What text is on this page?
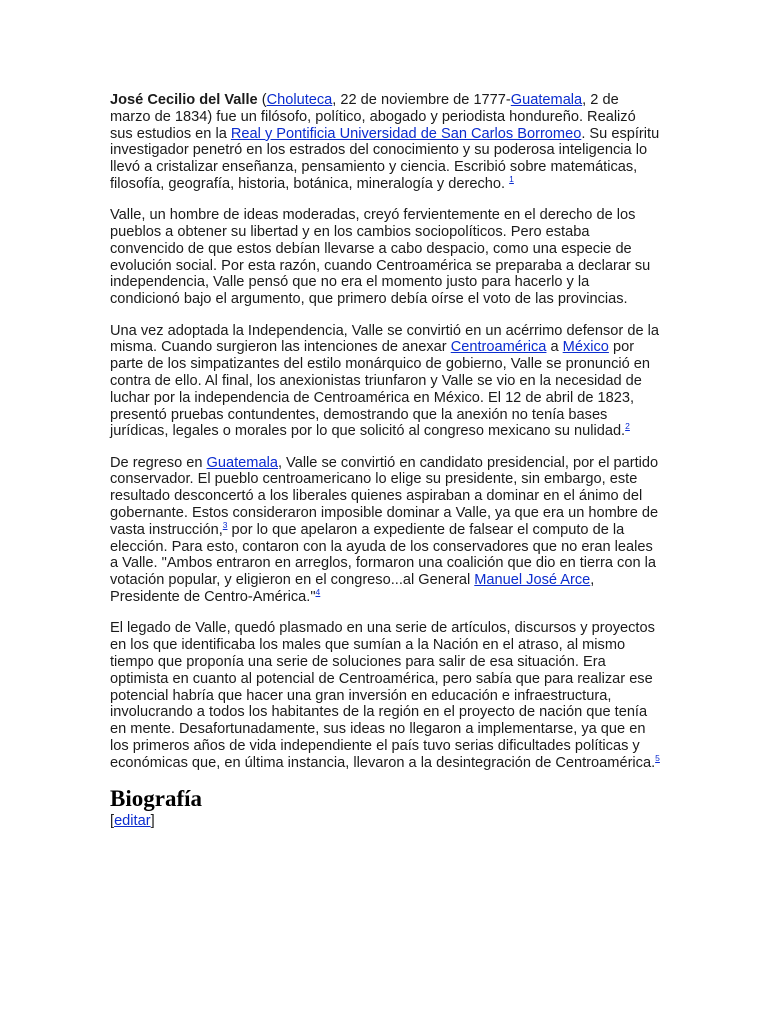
José Cecilio del Valle (Choluteca, 22 de noviembre de 1777-Guatemala, 2 de marzo de 1834) fue un filósofo, político, abogado y periodista hondureño. Realizó sus estudios en la Real y Pontificia Universidad de San Carlos Borromeo. Su espíritu investigador penetró en los estrados del conocimiento y su poderosa inteligencia lo llevó a cristalizar enseñanza, pensamiento y ciencia. Escribió sobre matemáticas, filosofía, geografía, historia, botánica, mineralogía y derecho. $^1$

Valle, un hombre de ideas moderadas, creyó fervientemente en el derecho de los pueblos a obtener su libertad y en los cambios sociopolíticos. Pero estaba convencido de que estos debían llevarse a cabo despacio, como una especie de evolución social. Por esta razón, cuando Centroamérica se preparaba a declarar su independencia, Valle pensó que no era el momento justo para hacerlo y la condicionó bajo el argumento, que primero debía oírse el voto de las provincias.

Una vez adoptada la Independencia, Valle se convirtió en un acérrimo defensor de la misma. Cuando surgieron las intenciones de anexar Centroamérica a México por parte de los simpatizantes del estilo monárquico de gobierno, Valle se pronunció en contra de ello. Al final, los anexionistas triunfaron y Valle se vio en la necesidad de luchar por la independencia de Centroamérica en México. El 12 de abril de 1823, presentó pruebas contundentes, demostrando que la anexión no tenía bases jurídicas, legales o morales por lo que solicitó al congreso mexicano su nulidad.$^2$

De regreso en Guatemala, Valle se convirtió en candidato presidencial, por el partido conservador. El pueblo centroamericano lo elige su presidente, sin embargo, este resultado desconcertó a los liberales quienes aspiraban a dominar en el ánimo del gobernante. Estos consideraron imposible dominar a Valle, ya que era un hombre de vasta instrucción,$^3$ por lo que apelaron a expediente de falsear el computo de la elección. Para esto, contaron con la ayuda de los conservadores que no eran leales a Valle. "Ambos entraron en arreglos, formaron una coalición que dio en tierra con la votación popular, y eligieron en el congreso...al General Manuel José Arce, Presidente de Centro-América."$^4$

El legado de Valle, quedó plasmado en una serie de artículos, discursos y proyectos en los que identificaba los males que sumían a la Nación en el atraso, al mismo tiempo que proponía una serie de soluciones para salir de esa situación. Era optimista en cuanto al potencial de Centroamérica, pero sabía que para realizar ese potencial habría que hacer una gran inversión en educación e infraestructura, involucrando a todos los habitantes de la región en el proyecto de nación que tenía en mente. Desafortunadamente, sus ideas no llegaron a implementarse, ya que en los primeros años de vida independiente el país tuvo serias dificultades políticas y económicas que, en última instancia, llevaron a la desintegración de Centroamérica.$^5$

Biografía
[editar]
